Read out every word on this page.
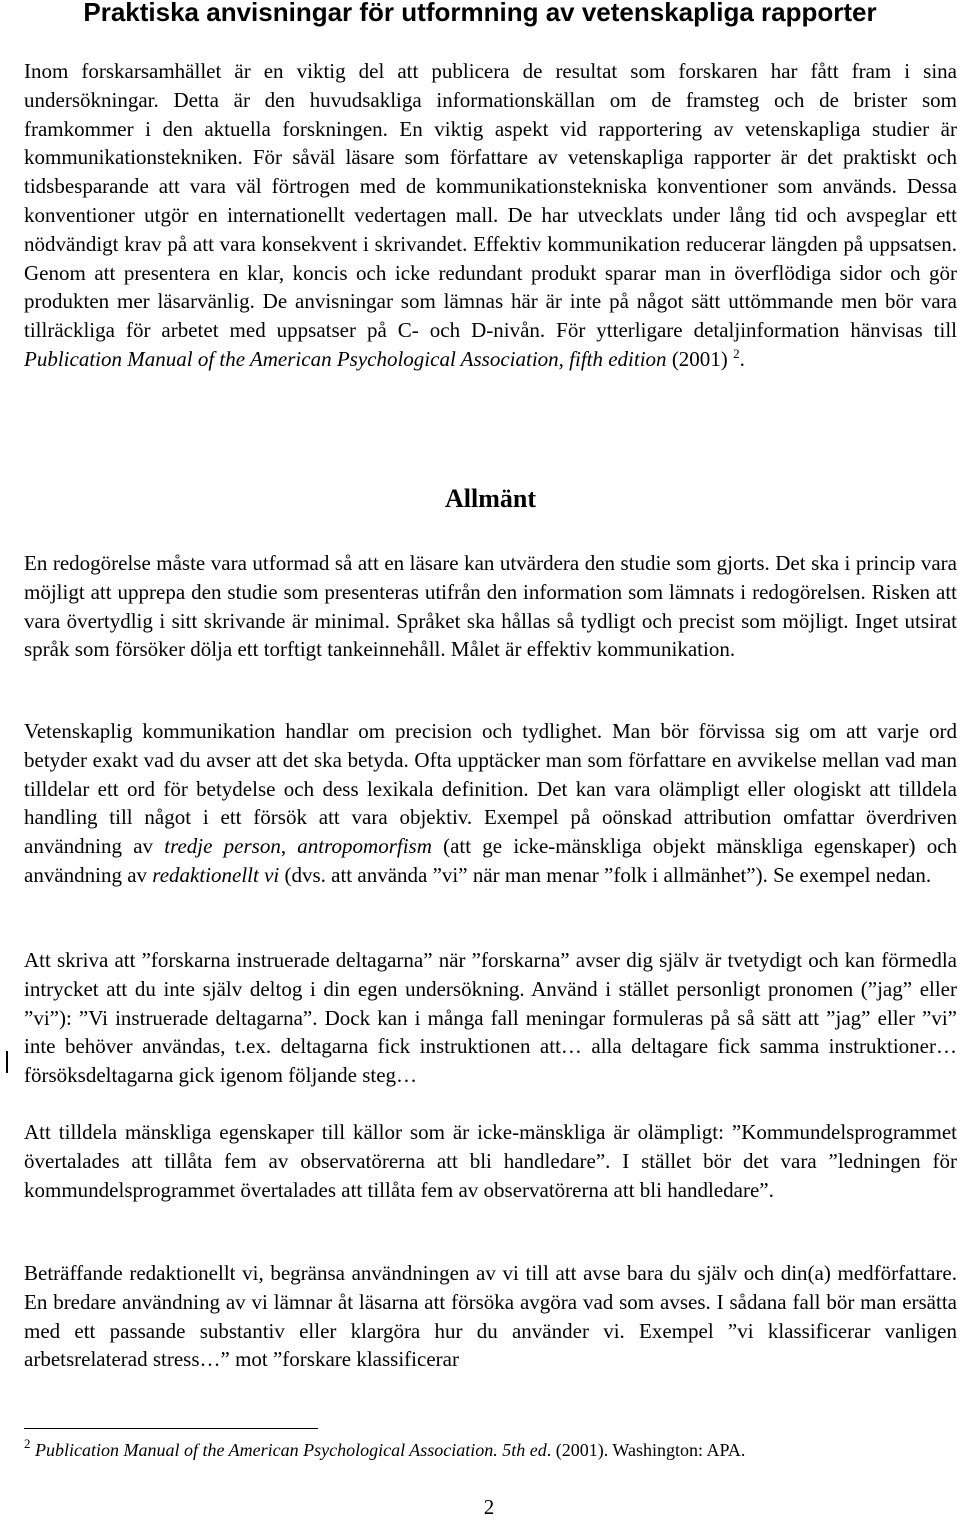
Praktiska anvisningar för utformning av vetenskapliga rapporter

Inom forskarsamhället är en viktig del att publicera de resultat som forskaren har fått fram i sina undersökningar. Detta är den huvudsakliga informationskällan om de framsteg och de brister som framkommer i den aktuella forskningen. En viktig aspekt vid rapportering av vetenskapliga studier är kommunikationstekniken. För såväl läsare som författare av vetenskapliga rapporter är det praktiskt och tidsbesparande att vara väl förtrogen med de kommunikationstekniska konventioner som används. Dessa konventioner utgör en internationellt vedertagen mall. De har utvecklats under lång tid och avspeglar ett nödvändigt krav på att vara konsekvent i skrivandet. Effektiv kommunikation reducerar längden på uppsatsen. Genom att presentera en klar, koncis och icke redundant produkt sparar man in överflödiga sidor och gör produkten mer läsarvänlig. De anvisningar som lämnas här är inte på något sätt uttömmande men bör vara tillräckliga för arbetet med uppsatser på C- och D-nivån. För ytterligare detaljinformation hänvisas till Publication Manual of the American Psychological Association, fifth edition (2001) $^2$.

Allmänt

En redogörelse måste vara utformad så att en läsare kan utvärdera den studie som gjorts. Det ska i princip vara möjligt att upprepa den studie som presenteras utifrån den information som lämnats i redogörelsen. Risken att vara övertydlig i sitt skrivande är minimal. Språket ska hållas så tydligt och precist som möjligt. Inget utsirat språk som försöker dölja ett torftigt tankeinnehåll. Målet är effektiv kommunikation.

Vetenskaplig kommunikation handlar om precision och tydlighet. Man bör förvissa sig om att varje ord betyder exakt vad du avser att det ska betyda. Ofta upptäcker man som författare en avvikelse mellan vad man tilldelar ett ord för betydelse och dess lexikala definition. Det kan vara olämpligt eller ologiskt att tilldela handling till något i ett försök att vara objektiv. Exempel på oönskad attribution omfattar överdriven användning av tredje person, antropomorfism (att ge icke-mänskliga objekt mänskliga egenskaper) och användning av redaktionellt vi (dvs. att använda ”vi” när man menar ”folk i allmänhet”). Se exempel nedan.

Att skriva att ”forskarna instruerade deltagarna” när ”forskarna” avser dig själv är tvetydigt och kan förmedla intrycket att du inte själv deltog i din egen undersökning. Använd i stället personligt pronomen (”jag” eller ”vi”): ”Vi instruerade deltagarna”. Dock kan i många fall meningar formuleras på så sätt att ”jag” eller ”vi” inte behöver användas, t.ex. deltagarna fick instruktionen att… alla deltagare fick samma instruktioner… försöksdeltagarna gick igenom följande steg…

Att tilldela mänskliga egenskaper till källor som är icke-mänskliga är olämpligt: ”Kommundelsprogrammet övertalades att tillåta fem av observatörerna att bli handledare”. I stället bör det vara ”ledningen för kommundelsprogrammet övertalades att tillåta fem av observatörerna att bli handledare”.

Beträffande redaktionellt vi, begränsa användningen av vi till att avse bara du själv och din(a) medförfattare. En bredare användning av vi lämnar åt läsarna att försöka avgöra vad som avses. I sådana fall bör man ersätta med ett passande substantiv eller klargöra hur du använder vi. Exempel ”vi klassificerar vanligen arbetsrelaterad stress…” mot ”forskare klassificerar

$^2$ Publication Manual of the American Psychological Association. 5th ed. (2001). Washington: APA.

2
